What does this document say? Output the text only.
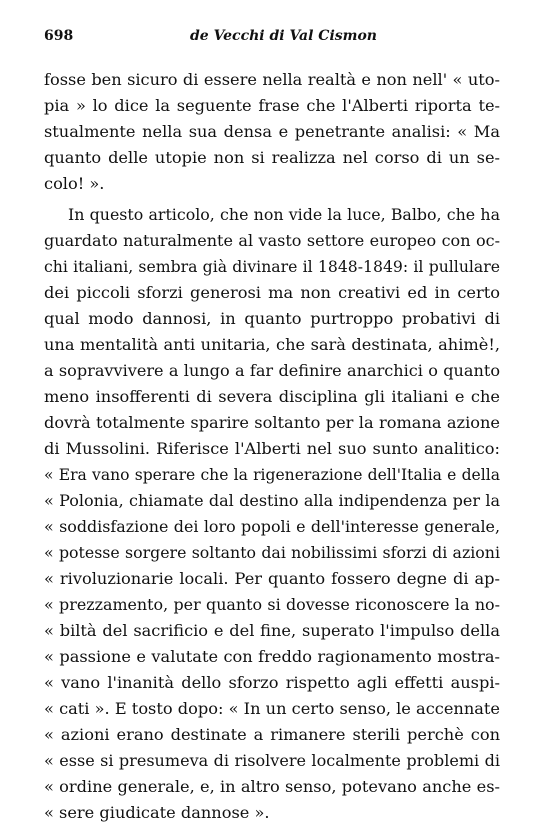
698	de Vecchi di Val Cismon
fosse ben sicuro di essere nella realtà e non nell' « uto-
pia » lo dice la seguente frase che l'Alberti riporta te-
stualmente nella sua densa e penetrante analisi: « Ma
quanto delle utopie non si realizza nel corso di un se-
colo! ».
In questo articolo, che non vide la luce, Balbo, che ha
guardato naturalmente al vasto settore europeo con oc-
chi italiani, sembra già divinare il 1848-1849: il pullulare
dei piccoli sforzi generosi ma non creativi ed in certo
qual modo dannosi, in quanto purtroppo probativi di
una mentalità anti unitaria, che sarà destinata, ahimè!,
a sopravvivere a lungo a far definire anarchici o quanto
meno insofferenti di severa disciplina gli italiani e che
dovrà totalmente sparire soltanto per la romana azione
di Mussolini. Riferisce l'Alberti nel suo sunto analitico:
« Era vano sperare che la rigenerazione dell'Italia e della
« Polonia, chiamate dal destino alla indipendenza per la
« soddisfazione dei loro popoli e dell'interesse generale,
« potesse sorgere soltanto dai nobilissimi sforzi di azioni
« rivoluzionarie locali. Per quanto fossero degne di ap-
« prezzamento, per quanto si dovesse riconoscere la no-
« biltà del sacrificio e del fine, superato l'impulso della
« passione e valutate con freddo ragionamento mostra-
« vano l'inanità dello sforzo rispetto agli effetti auspi-
« cati ». E tosto dopo: « In un certo senso, le accennate
« azioni erano destinate a rimanere sterili perchè con
« esse si presumeva di risolvere localmente problemi di
« ordine generale, e, in altro senso, potevano anche es-
« sere giudicate dannose ».
